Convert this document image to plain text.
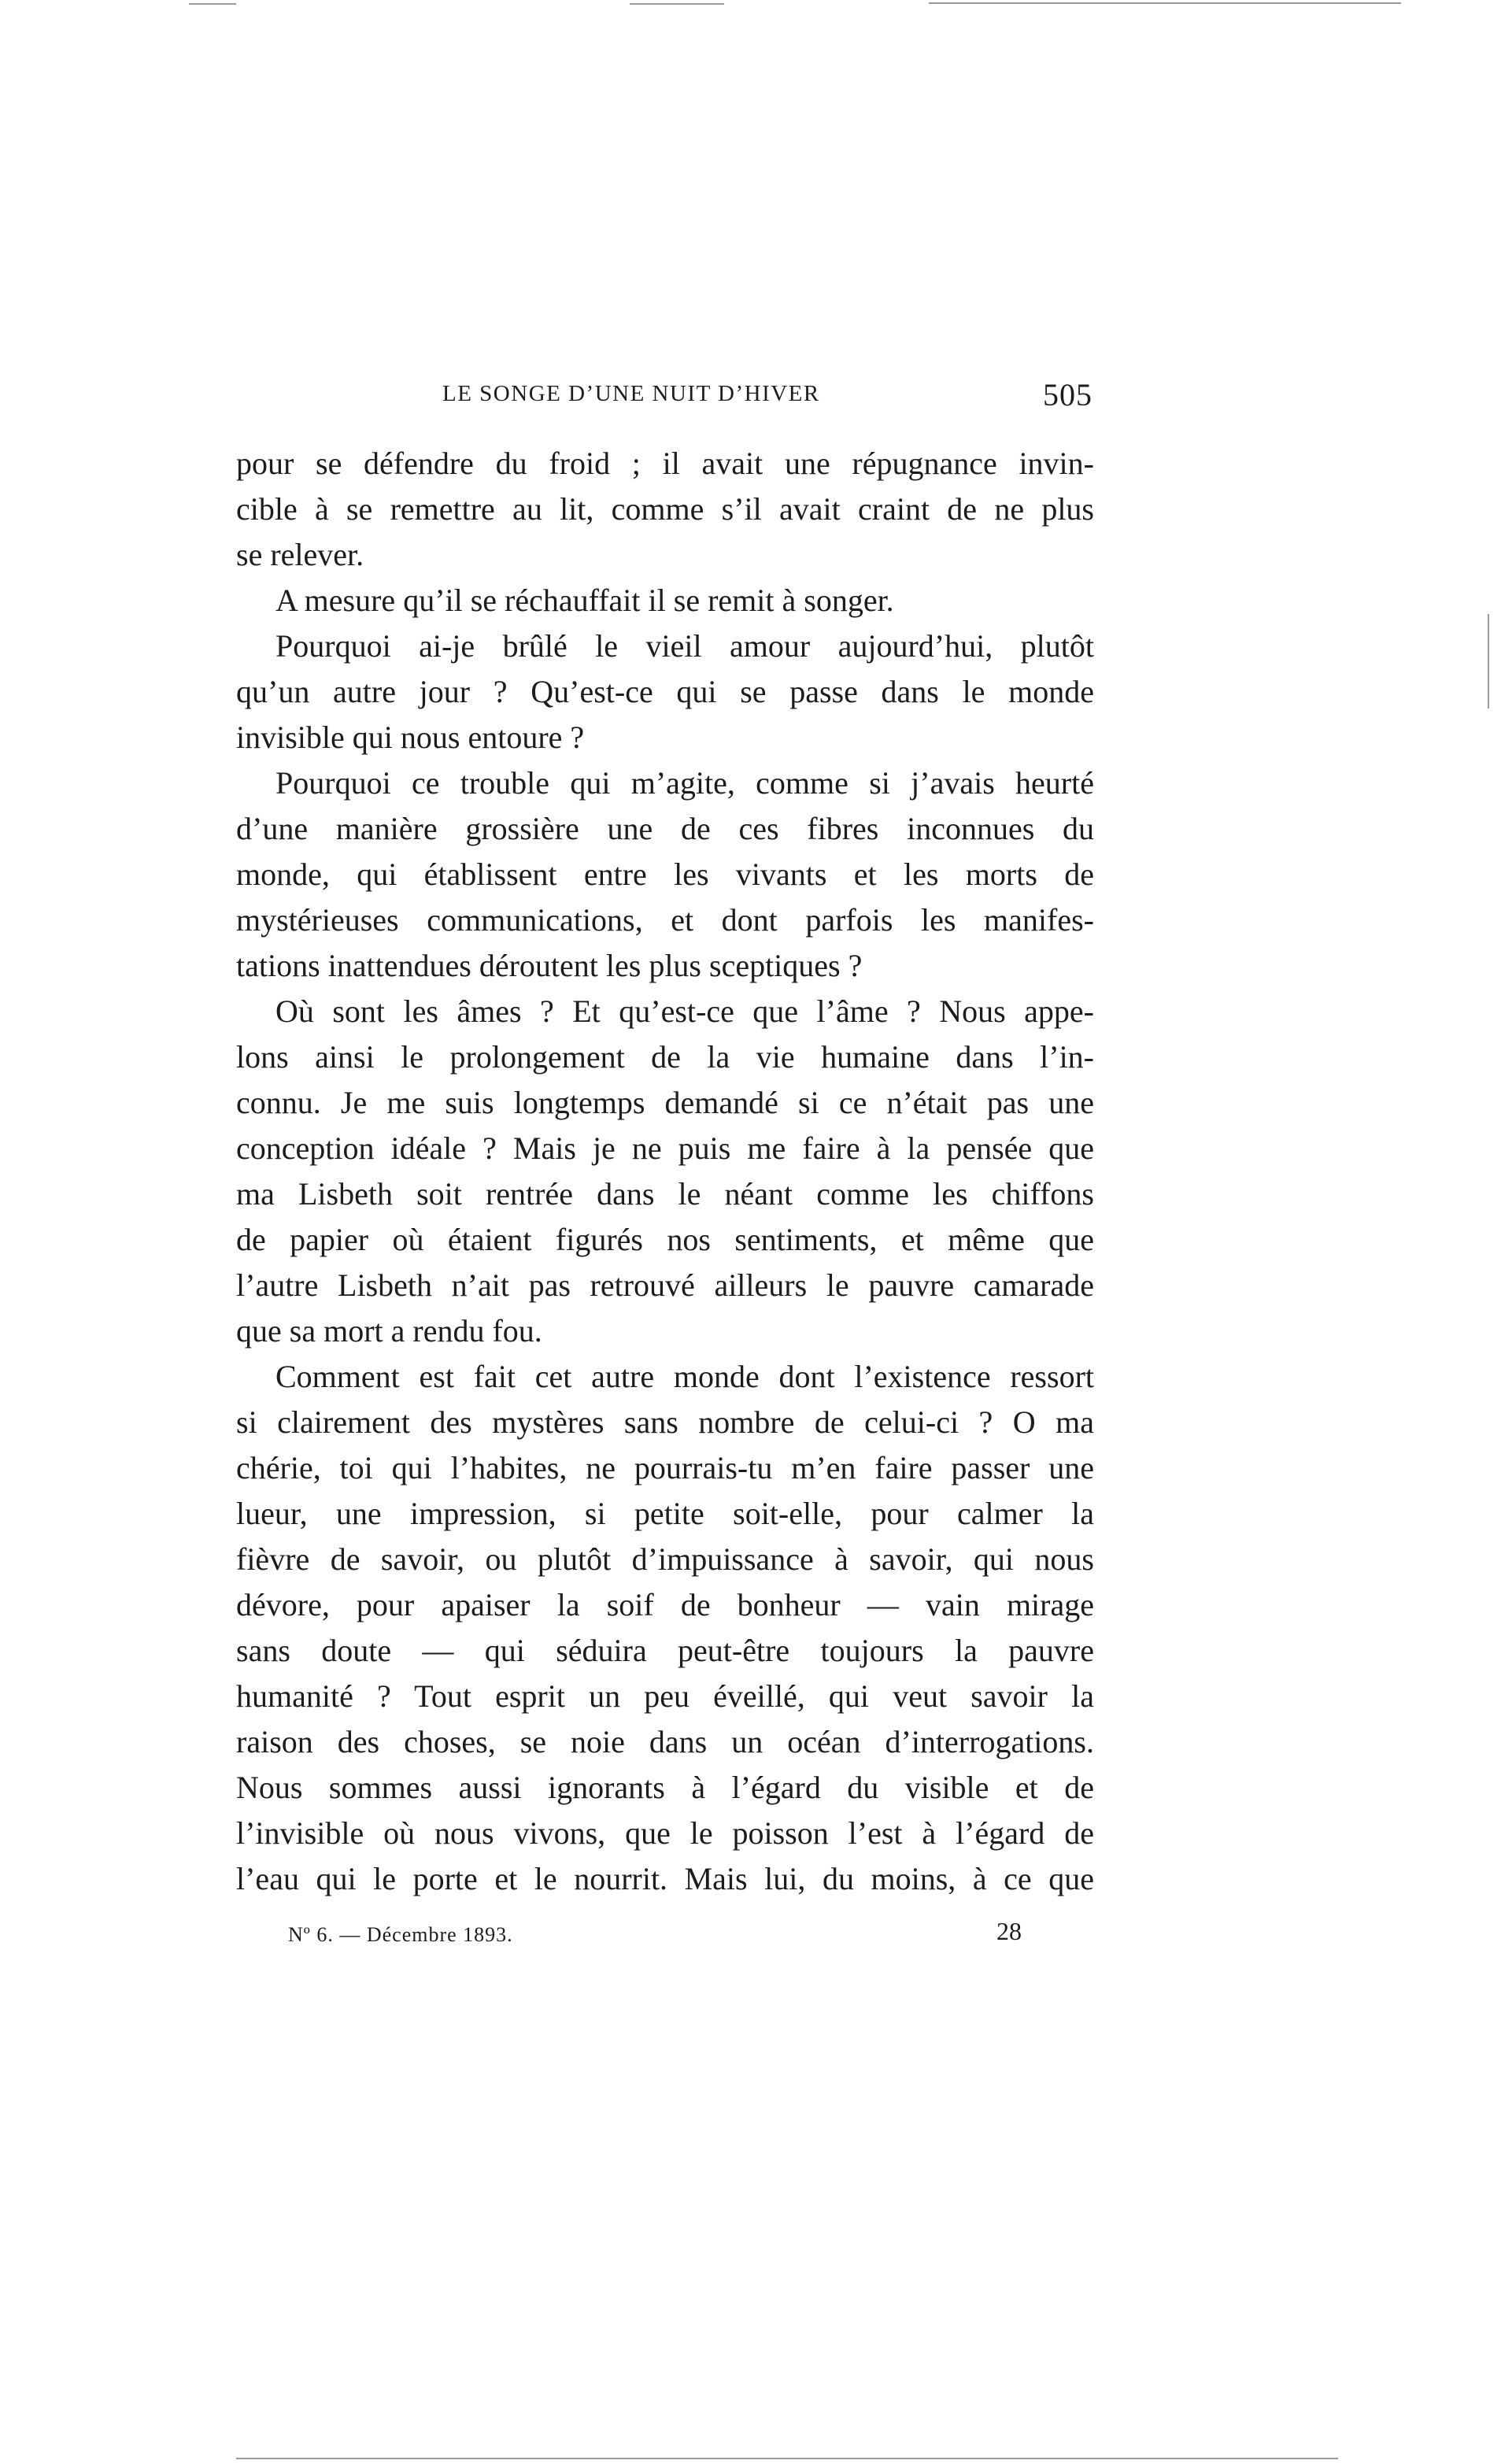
LE SONGE D’UNE NUIT D’HIVER	505
pour se défendre du froid ; il avait une répugnance invin-
cible à se remettre au lit, comme s’il avait craint de ne plus
se relever.
A mesure qu’il se réchauffait il se remit à songer.
Pourquoi ai-je brûlé le vieil amour aujourd’hui, plutôt
qu’un autre jour ? Qu’est-ce qui se passe dans le monde
invisible qui nous entoure ?
Pourquoi ce trouble qui m’agite, comme si j’avais heurté
d’une manière grossière une de ces fibres inconnues du
monde, qui établissent entre les vivants et les morts de
mystérieuses communications, et dont parfois les manifes-
tations inattendues déroutent les plus sceptiques ?
Où sont les âmes ? Et qu’est-ce que l’âme ? Nous appe-
lons ainsi le prolongement de la vie humaine dans l’in-
connu. Je me suis longtemps demandé si ce n’était pas une
conception idéale ? Mais je ne puis me faire à la pensée que
ma Lisbeth soit rentrée dans le néant comme les chiffons
de papier où étaient figurés nos sentiments, et même que
l’autre Lisbeth n’ait pas retrouvé ailleurs le pauvre camarade
que sa mort a rendu fou.
Comment est fait cet autre monde dont l’existence ressort
si clairement des mystères sans nombre de celui-ci ? O ma
chérie, toi qui l’habites, ne pourrais-tu m’en faire passer une
lueur, une impression, si petite soit-elle, pour calmer la
fièvre de savoir, ou plutôt d’impuissance à savoir, qui nous
dévore, pour apaiser la soif de bonheur — vain mirage
sans doute — qui séduira peut-être toujours la pauvre
humanité ? Tout esprit un peu éveillé, qui veut savoir la
raison des choses, se noie dans un océan d’interrogations.
Nous sommes aussi ignorants à l’égard du visible et de
l’invisible où nous vivons, que le poisson l’est à l’égard de
l’eau qui le porte et le nourrit. Mais lui, du moins, à ce que
Nº 6. — Décembre 1893.	28
